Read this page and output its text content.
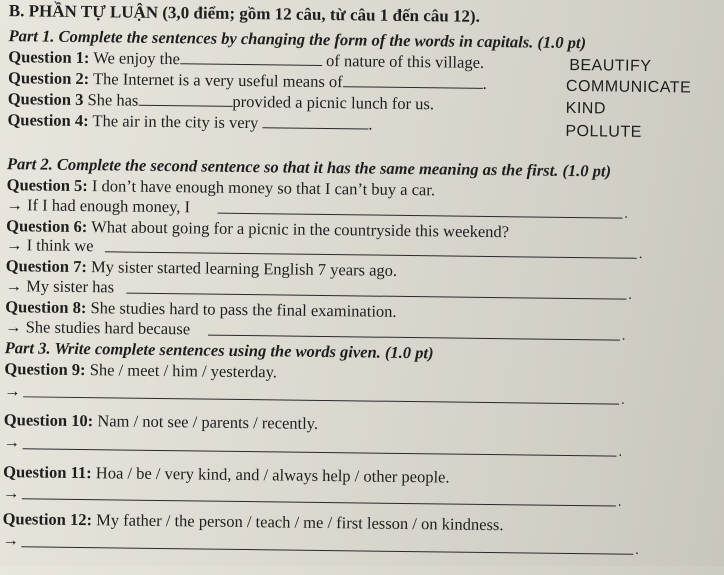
B. PHẦN TỰ LUẬN (3,0 điểm; gồm 12 câu, từ câu 1 đến câu 12).
Part 1. Complete the sentences by changing the form of the words in capitals. (1.0 pt)
Question 1: We enjoy the	of nature of this village.	BEAUTIFY
Question 2: The Internet is a very useful means of	.	COMMUNICATE
Question 3 She has	provided a picnic lunch for us.	KIND
Question 4: The air in the city is very	.	POLLUTE
Part 2. Complete the second sentence so that it has the same meaning as the first. (1.0 pt)
Question 5: I don’t have enough money so that I can’t buy a car.
→ If I had enough money, I	.
Question 6: What about going for a picnic in the countryside this weekend?
→ I think we	.
Question 7: My sister started learning English 7 years ago.
→ My sister has	.
Question 8: She studies hard to pass the final examination.
→ She studies hard because	.
Part 3. Write complete sentences using the words given. (1.0 pt)
Question 9: She / meet / him / yesterday.
→	.
Question 10: Nam / not see / parents / recently.
→
.
Question 11: Hoa / be / very kind, and / always help / other people.
→	.
Question 12: My father / the person / teach / me / first lesson / on kindness.
→
.
